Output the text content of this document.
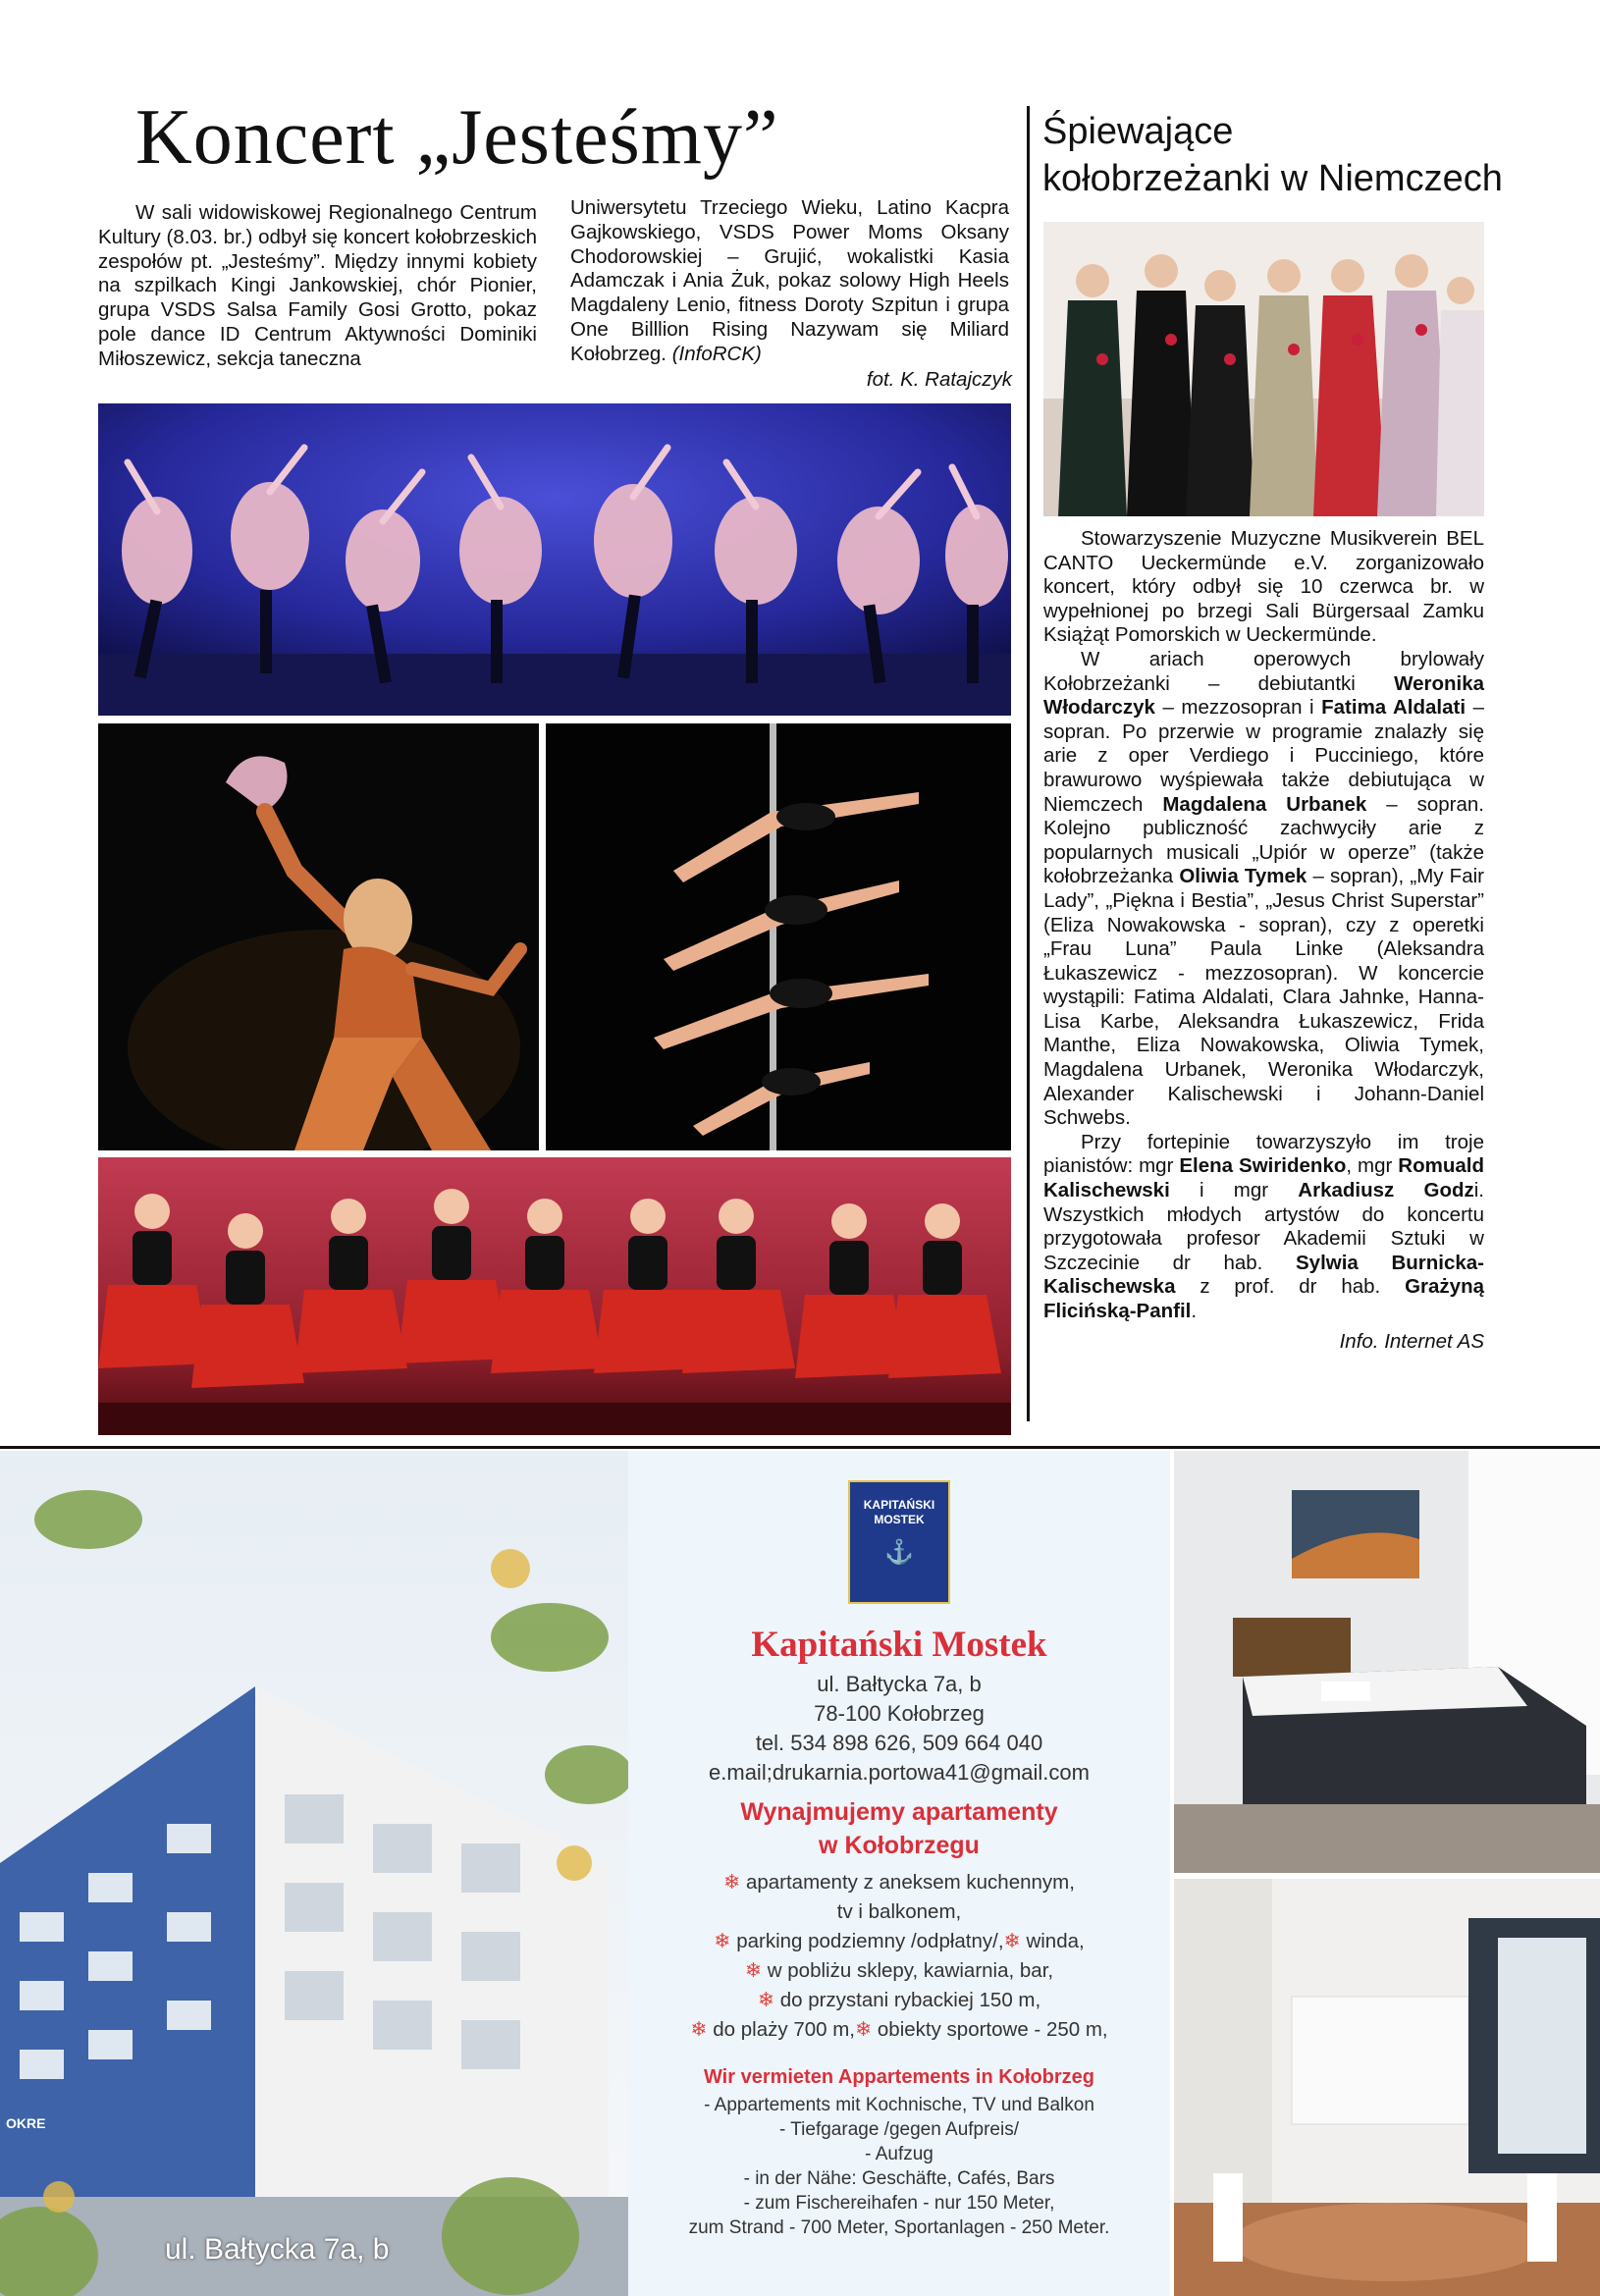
Koncert „Jesteśmy”
W sali widowiskowej Regionalnego Centrum Kultury (8.03. br.) odbył się koncert kołobrzeskich zespołów pt. „Jesteśmy”. Między innymi kobiety na szpilkach Kingi Jankowskiej, chór Pionier, grupa VSDS Salsa Family Gosi Grotto, pokaz pole dance ID Centrum Aktywności Dominiki Miłoszewicz, sekcja taneczna
Uniwersytetu Trzeciego Wieku, Latino Kacpra Gajkowskiego, VSDS Power Moms Oksany Chodorowskiej – Grujić, wokalistki Kasia Adamczak i Ania Żuk, pokaz solowy High Heels Magdaleny Lenio, fitness Doroty Szpitun i grupa One Billlion Rising Nazywam się Miliard Kołobrzeg. (InfoRCK)
fot. K. Ratajczyk
Śpiewające
kołobrzeżanki w Niemczech

Stowarzyszenie Muzyczne Musikverein BEL CANTO Ueckermünde e.V. zorganizowało koncert, który odbył się 10 czerwca br. w wypełnionej po brzegi Sali Bürgersaal Zamku Książąt Pomorskich w Ueckermünde.

W ariach operowych brylowały Kołobrzeżanki – debiutantki Weronika Włodarczyk – mezzosopran i Fatima Aldalati – sopran. Po przerwie w programie znalazły się arie z oper Verdiego i Pucciniego, które brawurowo wyśpiewała także debiutująca w Niemczech Magdalena Urbanek – sopran. Kolejno publiczność zachwyciły arie z popularnych musicali „Upiór w operze” (także kołobrzeżanka Oliwia Tymek – sopran), „My Fair Lady”, „Piękna i Bestia”, „Jesus Christ Superstar” (Eliza Nowakowska - sopran), czy z operetki „Frau Luna” Paula Linke (Aleksandra Łukaszewicz - mezzosopran). W koncercie wystąpili: Fatima Aldalati, Clara Jahnke, Hanna-Lisa Karbe, Aleksandra Łukaszewicz, Frida Manthe, Eliza Nowakowska, Oliwia Tymek, Magdalena Urbanek, Weronika Włodarczyk, Alexander Kalischewski i Johann-Daniel Schwebs.

Przy fortepinie towarzyszyło im troje pianistów: mgr Elena Swiridenko, mgr Romuald Kalischewski i mgr Arkadiusz Godzi. Wszystkich młodych artystów do koncertu przygotowała profesor Akademii Sztuki w Szczecinie dr hab. Sylwia Burnicka-Kalischewska z prof. dr hab. Grażyną Flicińską-Panfil.

Info. Internet AS
OKRE
ul. Bałtycka 7a, b
KAPITAŃSKI
MOSTEK
⚓
Kapitański Mostek
ul. Bałtycka 7a, b
78-100 Kołobrzeg
tel. 534 898 626, 509 664 040
e.mail;drukarnia.portowa41@gmail.com
Wynajmujemy apartamenty
w Kołobrzegu
❄ apartamenty z aneksem kuchennym,
tv i balkonem,
❄ parking podziemny /odpłatny/,❄ winda,
❄ w pobliżu sklepy, kawiarnia, bar,
❄ do przystani rybackiej 150 m,
❄ do plaży 700 m,❄ obiekty sportowe - 250 m,
Wir vermieten Appartements in Kołobrzeg
- Appartements mit Kochnische, TV und Balkon
- Tiefgarage /gegen Aufpreis/
- Aufzug
- in der Nähe: Geschäfte, Cafés, Bars
- zum Fischereihafen - nur 150 Meter,
zum Strand - 700 Meter, Sportanlagen - 250 Meter.
